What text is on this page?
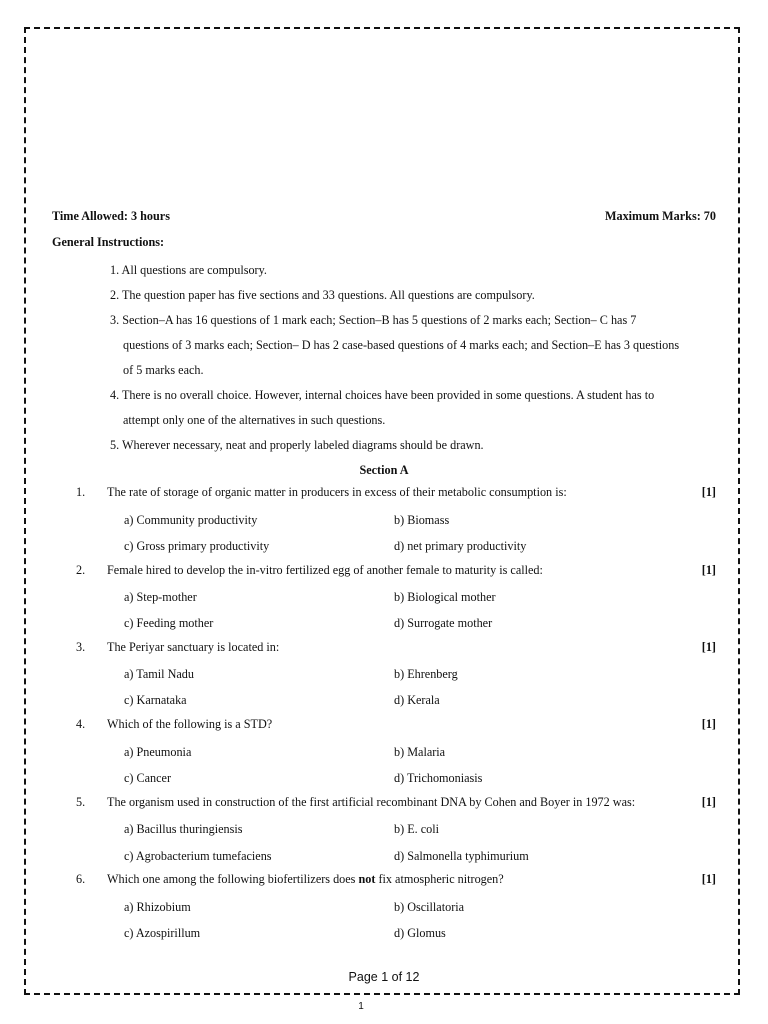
Time Allowed: 3 hours	Maximum Marks: 70
General Instructions:
1. All questions are compulsory.
2. The question paper has five sections and 33 questions. All questions are compulsory.
3. Section–A has 16 questions of 1 mark each; Section–B has 5 questions of 2 marks each; Section– C has 7
questions of 3 marks each; Section– D has 2 case-based questions of 4 marks each; and Section–E has 3 questions
of 5 marks each.
4. There is no overall choice. However, internal choices have been provided in some questions. A student has to
attempt only one of the alternatives in such questions.
5. Wherever necessary, neat and properly labeled diagrams should be drawn.
Section A
1. The rate of storage of organic matter in producers in excess of their metabolic consumption is:	[1]
a) Community productivity	b) Biomass
c) Gross primary productivity	d) net primary productivity
2. Female hired to develop the in-vitro fertilized egg of another female to maturity is called:	[1]
a) Step-mother	b) Biological mother
c) Feeding mother	d) Surrogate mother
3. The Periyar sanctuary is located in:	[1]
a) Tamil Nadu	b) Ehrenberg
c) Karnataka	d) Kerala
4. Which of the following is a STD?	[1]
a) Pneumonia	b) Malaria
c) Cancer	d) Trichomoniasis
5. The organism used in construction of the first artificial recombinant DNA by Cohen and Boyer in 1972 was:	[1]
a) Bacillus thuringiensis	b) E. coli
c) Agrobacterium tumefaciens	d) Salmonella typhimurium
6. Which one among the following biofertilizers does not fix atmospheric nitrogen?	[1]
a) Rhizobium	b) Oscillatoria
c) Azospirillum	d) Glomus
Page 1 of 12
1
